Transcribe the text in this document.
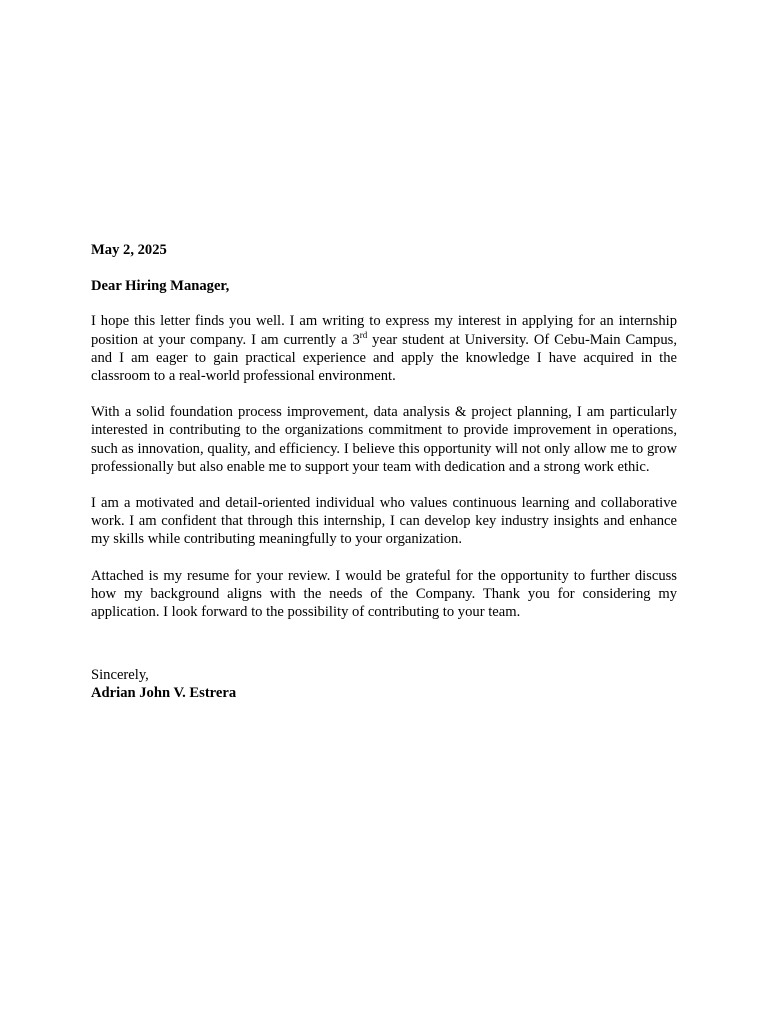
May 2, 2025

Dear Hiring Manager,

I hope this letter finds you well. I am writing to express my interest in applying for an internship position at your company. I am currently a 3rd year student at University. Of Cebu-Main Campus, and I am eager to gain practical experience and apply the knowledge I have acquired in the classroom to a real-world professional environment.

With a solid foundation process improvement, data analysis & project planning, I am particularly interested in contributing to the organizations commitment to provide improvement in operations, such as innovation, quality, and efficiency. I believe this opportunity will not only allow me to grow professionally but also enable me to support your team with dedication and a strong work ethic.

I am a motivated and detail-oriented individual who values continuous learning and collaborative work. I am confident that through this internship, I can develop key industry insights and enhance my skills while contributing meaningfully to your organization.

Attached is my resume for your review. I would be grateful for the opportunity to further discuss how my background aligns with the needs of the Company. Thank you for considering my application. I look forward to the possibility of contributing to your team.

Sincerely,

Adrian John V. Estrera
